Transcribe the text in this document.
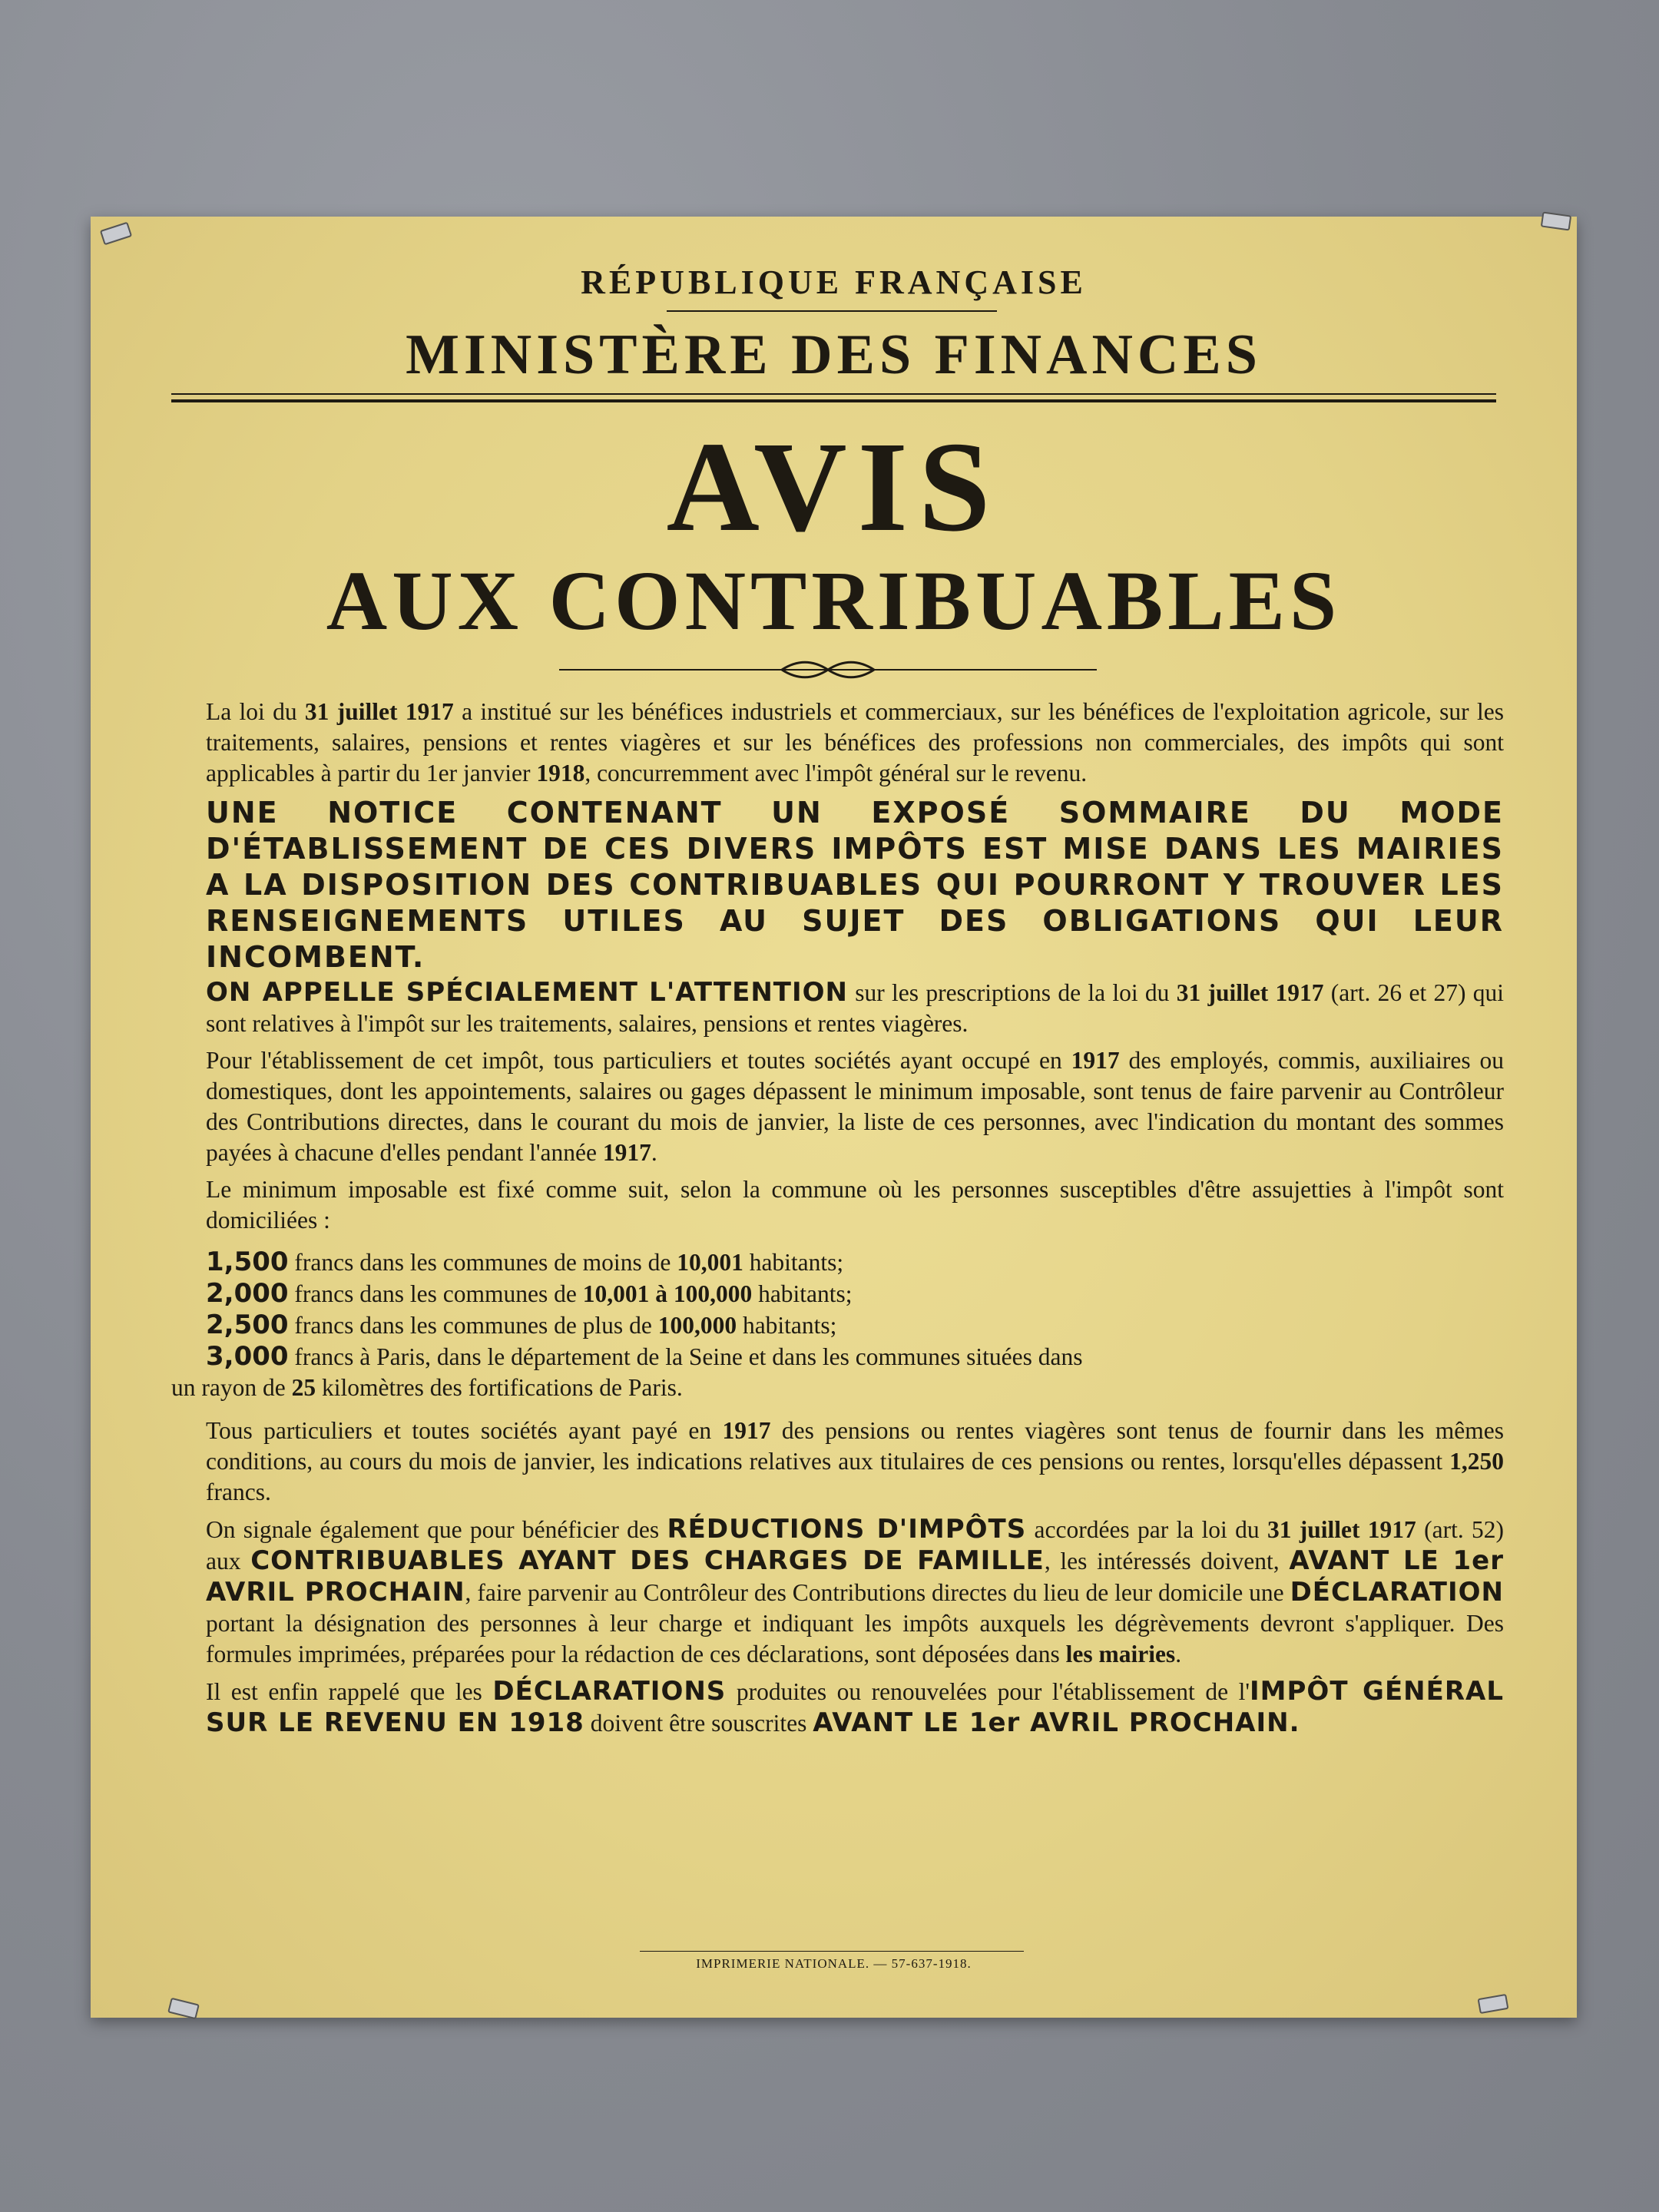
RÉPUBLIQUE FRANÇAISE
MINISTÈRE DES FINANCES
AVIS
AUX CONTRIBUABLES

La loi du 31 juillet 1917 a institué sur les bénéfices industriels et commerciaux, sur les bénéfices de l'exploitation agricole, sur les traitements, salaires, pensions et rentes viagères et sur les bénéfices des professions non commerciales, des impôts qui sont applicables à partir du 1er janvier 1918, concurremment avec l'impôt général sur le revenu.

UNE NOTICE CONTENANT UN EXPOSÉ SOMMAIRE DU MODE D'ÉTABLISSEMENT DE CES DIVERS IMPÔTS EST MISE DANS LES MAIRIES A LA DISPOSITION DES CONTRIBUABLES QUI POURRONT Y TROUVER LES RENSEIGNEMENTS UTILES AU SUJET DES OBLIGATIONS QUI LEUR INCOMBENT.

ON APPELLE SPÉCIALEMENT L'ATTENTION sur les prescriptions de la loi du 31 juillet 1917 (art. 26 et 27) qui sont relatives à l'impôt sur les traitements, salaires, pensions et rentes viagères.

Pour l'établissement de cet impôt, tous particuliers et toutes sociétés ayant occupé en 1917 des employés, commis, auxiliaires ou domestiques, dont les appointements, salaires ou gages dépassent le minimum imposable, sont tenus de faire parvenir au Contrôleur des Contributions directes, dans le courant du mois de janvier, la liste de ces personnes, avec l'indication du montant des sommes payées à chacune d'elles pendant l'année 1917.

Le minimum imposable est fixé comme suit, selon la commune où les personnes susceptibles d'être assujetties à l'impôt sont domiciliées :

1,500 francs dans les communes de moins de 10,001 habitants;
2,000 francs dans les communes de 10,001 à 100,000 habitants;
2,500 francs dans les communes de plus de 100,000 habitants;
3,000 francs à Paris, dans le département de la Seine et dans les communes situées dans
un rayon de 25 kilomètres des fortifications de Paris.

Tous particuliers et toutes sociétés ayant payé en 1917 des pensions ou rentes viagères sont tenus de fournir dans les mêmes conditions, au cours du mois de janvier, les indications relatives aux titulaires de ces pensions ou rentes, lorsqu'elles dépassent 1,250 francs.

On signale également que pour bénéficier des RÉDUCTIONS D'IMPÔTS accordées par la loi du 31 juillet 1917 (art. 52) aux CONTRIBUABLES AYANT DES CHARGES DE FAMILLE, les intéressés doivent, AVANT LE 1er AVRIL PROCHAIN, faire parvenir au Contrôleur des Contributions directes du lieu de leur domicile une DÉCLARATION portant la désignation des personnes à leur charge et indiquant les impôts auxquels les dégrèvements devront s'appliquer. Des formules imprimées, préparées pour la rédaction de ces déclarations, sont déposées dans les mairies.

Il est enfin rappelé que les DÉCLARATIONS produites ou renouvelées pour l'établissement de l'IMPÔT GÉNÉRAL SUR LE REVENU EN 1918 doivent être souscrites AVANT LE 1er AVRIL PROCHAIN.

IMPRIMERIE NATIONALE. — 57-637-1918.
